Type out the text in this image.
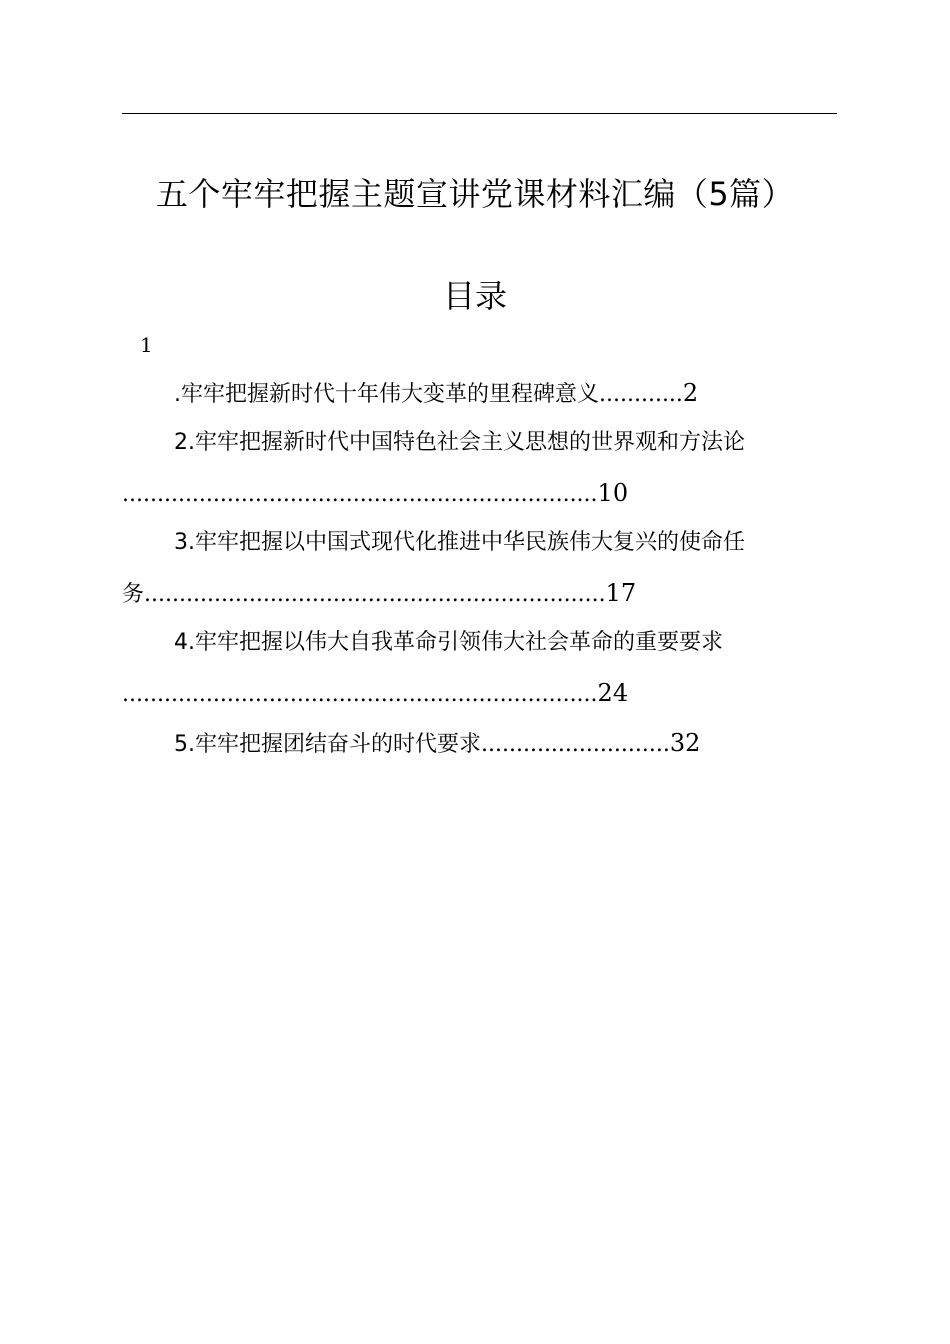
五个牢牢把握主题宣讲党课材料汇编（5篇）
目录
1
.牢牢把握新时代十年伟大变革的里程碑意义............2
2.牢牢把握新时代中国特色社会主义思想的世界观和方法论
....................................................................10
3.牢牢把握以中国式现代化推进中华民族伟大复兴的使命任
务..................................................................17
4.牢牢把握以伟大自我革命引领伟大社会革命的重要要求
....................................................................24
5.牢牢把握团结奋斗的时代要求...........................32
